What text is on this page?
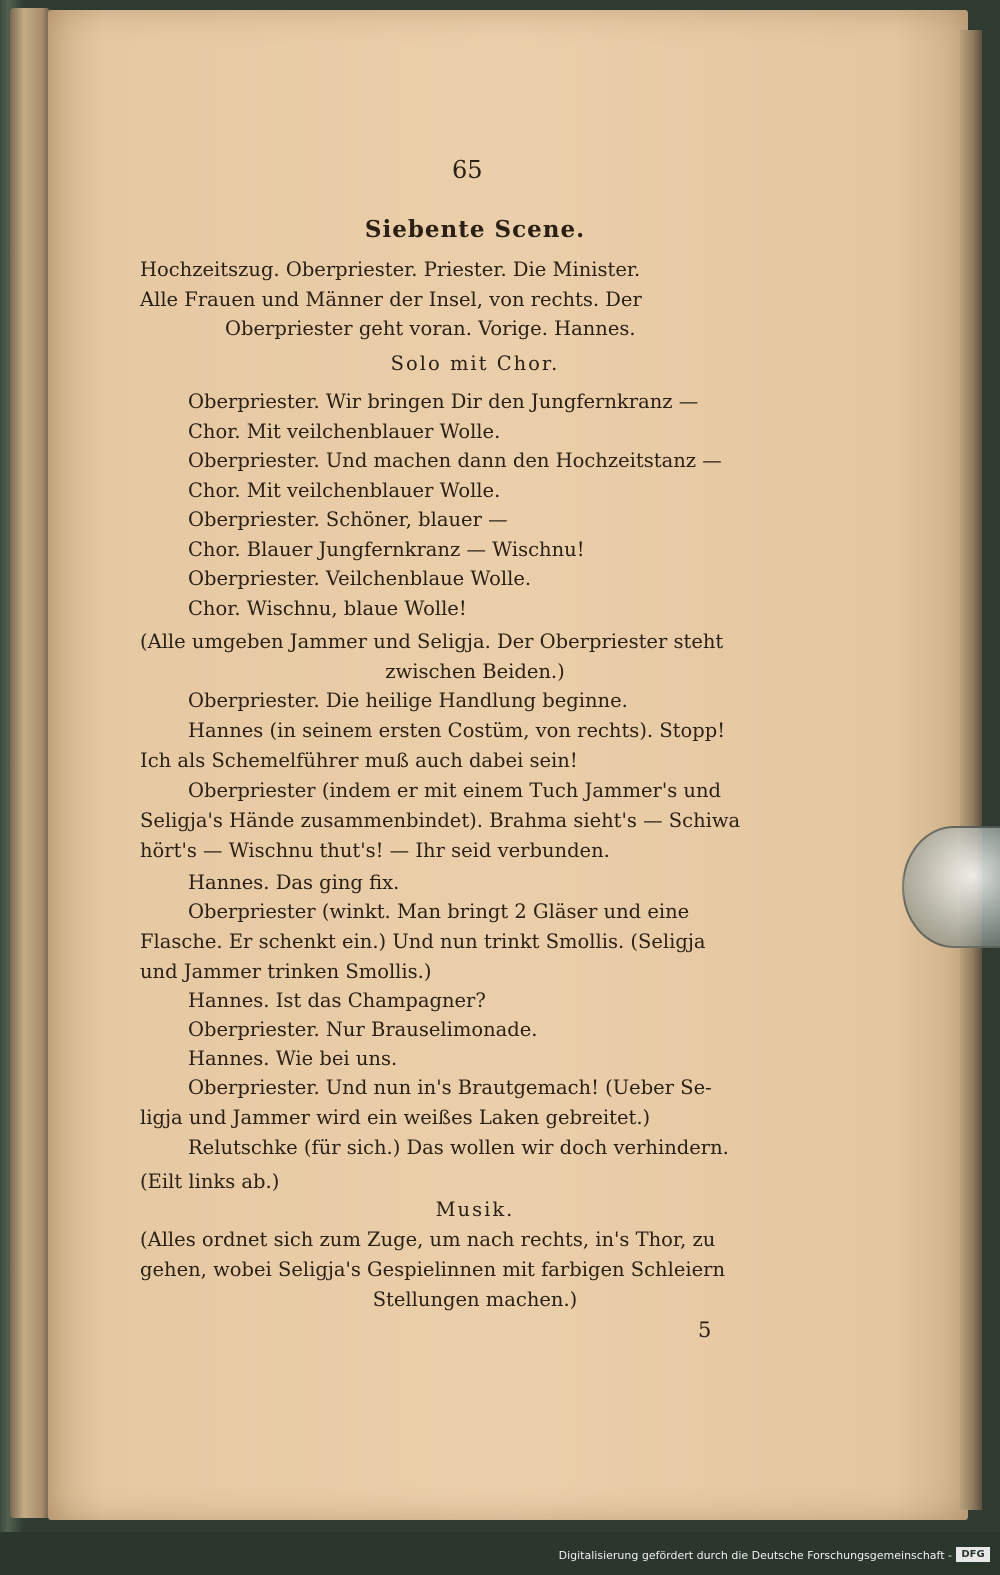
65
Siebente Scene.
Hochzeitszug. Oberpriester. Priester. Die Minister.
Alle Frauen und Männer der Insel, von rechts. Der
Oberpriester geht voran. Vorige. Hannes.
Solo mit Chor.
Oberpriester. Wir bringen Dir den Jungfernkranz —
Chor. Mit veilchenblauer Wolle.
Oberpriester. Und machen dann den Hochzeitstanz —
Chor. Mit veilchenblauer Wolle.
Oberpriester. Schöner, blauer —
Chor. Blauer Jungfernkranz — Wischnu!
Oberpriester. Veilchenblaue Wolle.
Chor. Wischnu, blaue Wolle!
(Alle umgeben Jammer und Seligja. Der Oberpriester steht
zwischen Beiden.)
Oberpriester. Die heilige Handlung beginne.
Hannes (in seinem ersten Costüm, von rechts). Stopp!
Ich als Schemelführer muß auch dabei sein!
Oberpriester (indem er mit einem Tuch Jammer's und
Seligja's Hände zusammenbindet). Brahma sieht's — Schiwa
hört's — Wischnu thut's! — Ihr seid verbunden.
Hannes. Das ging fix.
Oberpriester (winkt. Man bringt 2 Gläser und eine
Flasche. Er schenkt ein.) Und nun trinkt Smollis. (Seligja
und Jammer trinken Smollis.)
Hannes. Ist das Champagner?
Oberpriester. Nur Brauselimonade.
Hannes. Wie bei uns.
Oberpriester. Und nun in's Brautgemach! (Ueber Se-
ligja und Jammer wird ein weißes Laken gebreitet.)
Relutschke (für sich.) Das wollen wir doch verhindern.
(Eilt links ab.)
Musik.
(Alles ordnet sich zum Zuge, um nach rechts, in's Thor, zu
gehen, wobei Seligja's Gespielinnen mit farbigen Schleiern
Stellungen machen.)
5
Digitalisierung gefördert durch die Deutsche Forschungsgemeinschaft - DFG
